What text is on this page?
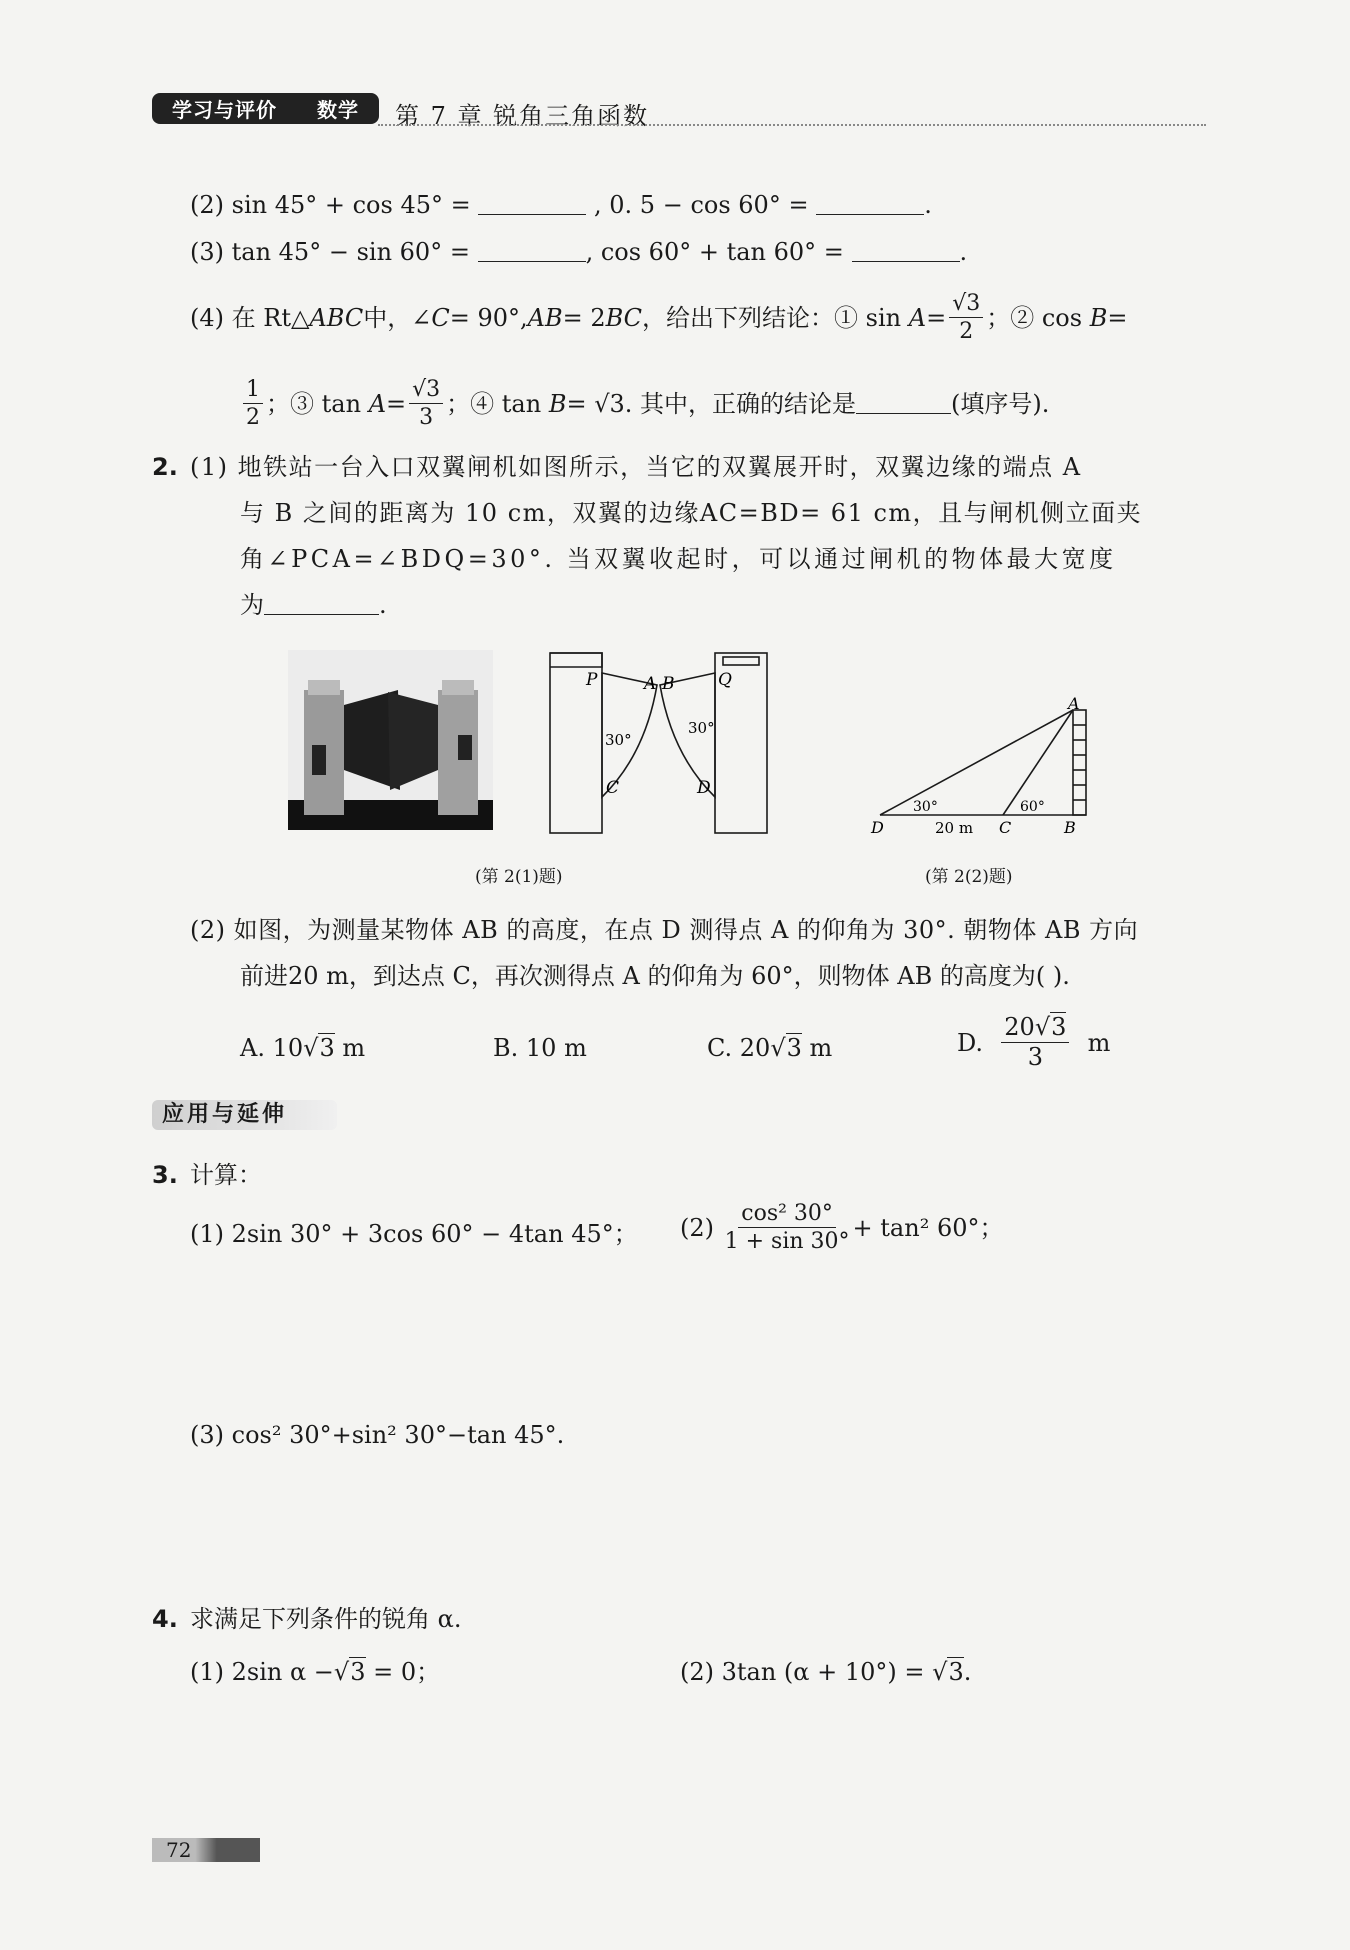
学习与评价 数学 第 7 章 锐角三角函数
(2) sin 45° + cos 45° =	, 0. 5 − cos 60° =	.
(3) tan 45° − sin 60° =	, cos 60° + tan 60° =	.
(4) 在 Rt△ ABC 中，∠ C = 90°, AB = 2 BC ，给出下列结论：① sin
$A = \frac{√3}{2}$ ；② cos
B =
$\frac{1}{2}$ ；③ tan
$A = \frac{√3}{3}$ ；④ tan
B = √3. 其中，正确的结论是	(填序号).
2. (1) 地铁站一台入口双翼闸机如图所示，当它的双翼展开时，双翼边缘的端点 A
与 B 之间的距离为 10 cm，双翼的边缘AC=BD= 61 cm，且与闸机侧立面夹
角∠PCA=∠BDQ=30°. 当双翼收起时，可以通过闸机的物体最大宽度
为	.
P	A B	Q
C	D
30°
30°
A
D	C	B
30°	60°
20 m
(第 2(1)题)	(第 2(2)题)
(2) 如图，为测量某物体 AB 的高度，在点 D 测得点 A 的仰角为 30°. 朝物体 AB 方向
前进20 m，到达点 C，再次测得点 A 的仰角为 60°，则物体 AB 的高度为( ).
A. 10√3 m	B. 10 m	C. 20√3 m	D.
$\frac{20√3}{3}$
m
应用与延伸
3. 计算：
(1) 2sin 30° + 3cos 60° − 4tan 45°； (2)
$\frac{\text{cos² 30°}}{1 + \sin 30^\circ} + \tan^2$ 60°；
(3) cos² 30°+sin² 30°−tan 45°.
4. 求满足下列条件的锐角 α.
(1) 2sin α −√3 = 0；	(2) 3tan (α + 10°) = √3.
72
